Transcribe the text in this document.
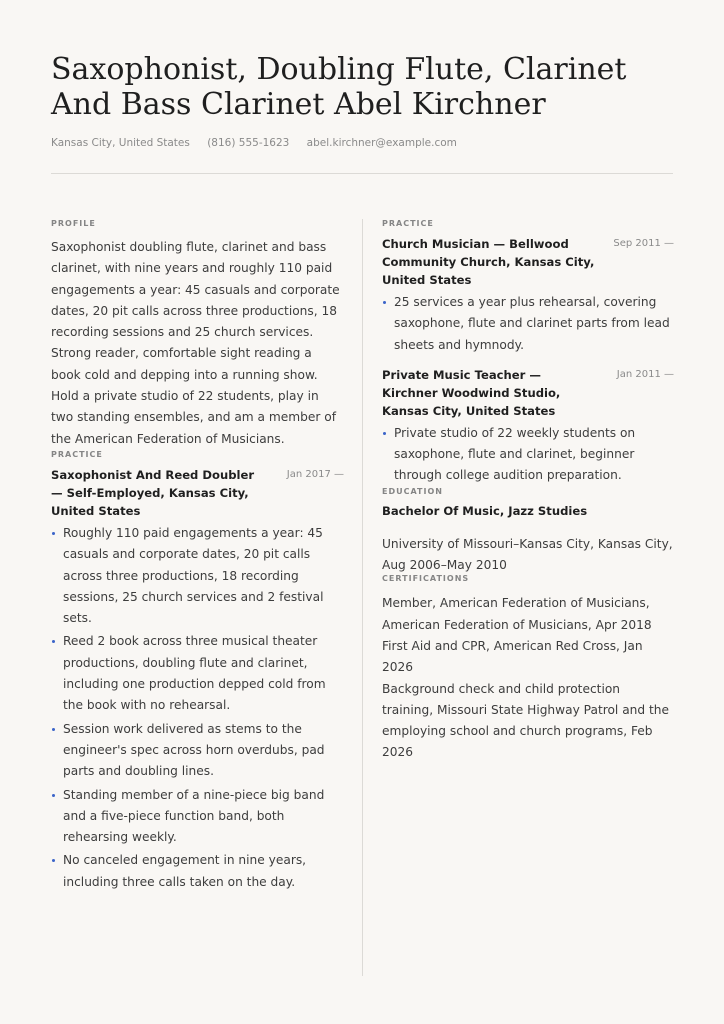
Saxophonist, Doubling Flute, Clarinet And Bass Clarinet Abel Kirchner
Kansas City, United States (816) 555-1623 abel.kirchner@example.com
PROFILE

Saxophonist doubling flute, clarinet and bass clarinet, with nine years and roughly 110 paid engagements a year: 45 casuals and corporate dates, 20 pit calls across three productions, 18 recording sessions and 25 church services. Strong reader, comfortable sight reading a book cold and depping into a running show. Hold a private studio of 22 students, play in two standing ensembles, and am a member of the American Federation of Musicians.

PRACTICE
Saxophonist And Reed Doubler — Self-Employed, Kansas City, United States
Jan 2017 —
Roughly 110 paid engagements a year: 45 casuals and corporate dates, 20 pit calls across three productions, 18 recording sessions, 25 church services and 2 festival sets.
Reed 2 book across three musical theater productions, doubling flute and clarinet, including one production depped cold from the book with no rehearsal.
Session work delivered as stems to the engineer's spec across horn overdubs, pad parts and doubling lines.
Standing member of a nine-piece big band and a five-piece function band, both rehearsing weekly.
No canceled engagement in nine years, including three calls taken on the day.
PRACTICE
Church Musician — Bellwood Community Church, Kansas City, United States
Sep 2011 —
25 services a year plus rehearsal, covering saxophone, flute and clarinet parts from lead sheets and hymnody.
Private Music Teacher — Kirchner Woodwind Studio, Kansas City, United States
Jan 2011 —
Private studio of 22 weekly students on saxophone, flute and clarinet, beginner through college audition preparation.
EDUCATION
Bachelor Of Music, Jazz Studies
University of Missouri–Kansas City, Kansas City, Aug 2006–May 2010
CERTIFICATIONS

Member, American Federation of Musicians, American Federation of Musicians, Apr 2018

First Aid and CPR, American Red Cross, Jan 2026

Background check and child protection training, Missouri State Highway Patrol and the employing school and church programs, Feb 2026
